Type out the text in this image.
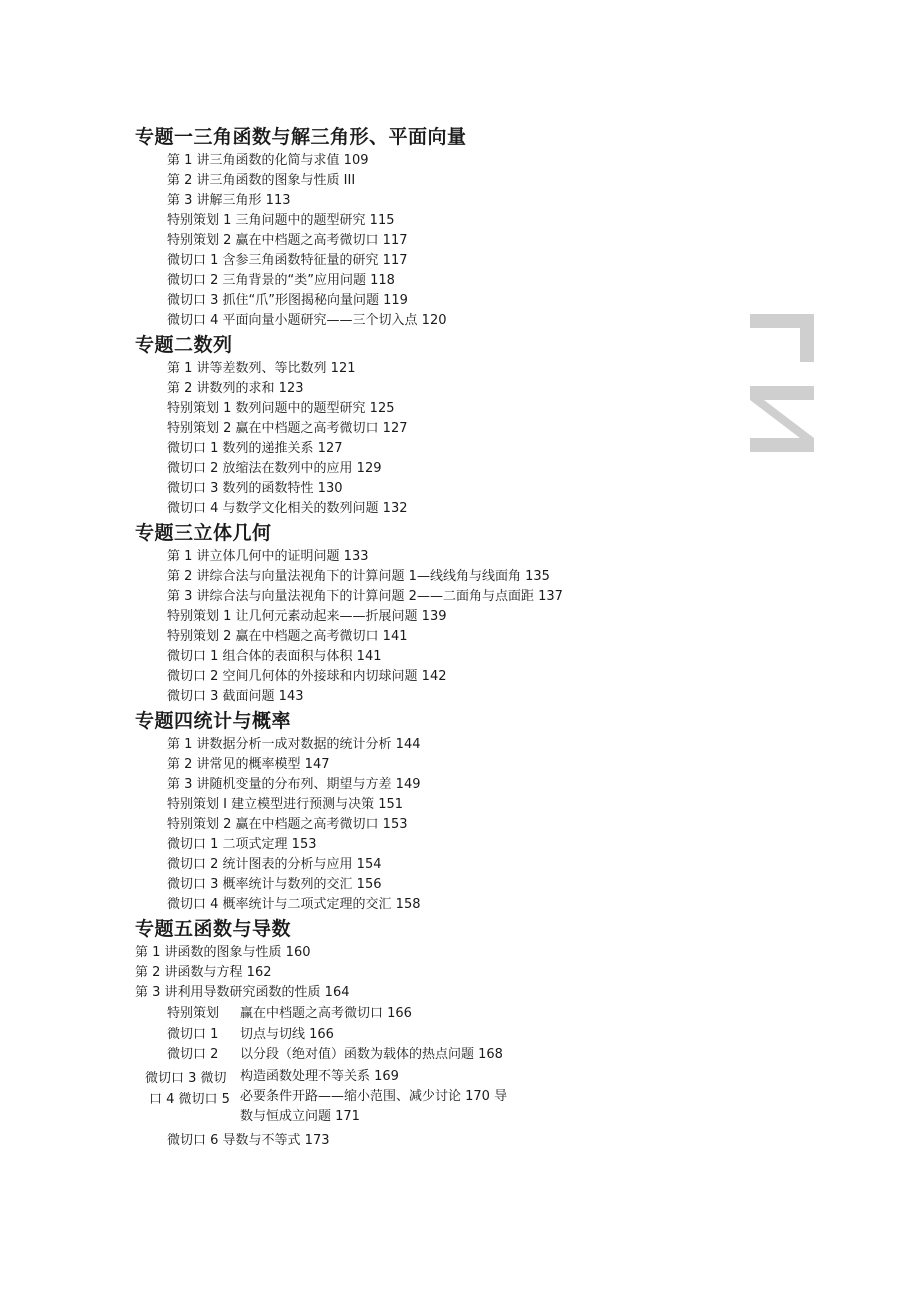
专题一三角函数与解三角形、平面向量
第 1 讲三角函数的化简与求值 109
第 2 讲三角函数的图象与性质 III
第 3 讲解三角形 113
特别策划 1 三角问题中的题型研究 115
特别策划 2 赢在中档题之高考微切口 117
微切口 1 含参三角函数特征量的研究 117
微切口 2 三角背景的“类”应用问题 118
微切口 3 抓住“爪”形图揭秘向量问题 119
微切口 4 平面向量小题研究——三个切入点 120
专题二数列
第 1 讲等差数列、等比数列 121
第 2 讲数列的求和 123
特别策划 1 数列问题中的题型研究 125
特别策划 2 赢在中档题之高考微切口 127
微切口 1 数列的递推关系 127
微切口 2 放缩法在数列中的应用 129
微切口 3 数列的函数特性 130
微切口 4 与数学文化相关的数列问题 132
专题三立体几何
第 1 讲立体几何中的证明问题 133
第 2 讲综合法与向量法视角下的计算问题 1—线线角与线面角 135
第 3 讲综合法与向量法视角下的计算问题 2——二面角与点面距 137
特别策划 1 让几何元素动起来——折展问题 139
特别策划 2 赢在中档题之高考微切口 141
微切口 1 组合体的表面积与体积 141
微切口 2 空间几何体的外接球和内切球问题 142
微切口 3 截面问题 143
专题四统计与概率
第 1 讲数据分析一成对数据的统计分析 144
第 2 讲常见的概率模型 147
第 3 讲随机变量的分布列、期望与方差 149
特别策划 I 建立模型进行预测与决策 151
特别策划 2 赢在中档题之高考微切口 153
微切口 1 二项式定理 153
微切口 2 统计图表的分析与应用 154
微切口 3 概率统计与数列的交汇 156
微切口 4 概率统计与二项式定理的交汇 158
专题五函数与导数
第 1 讲函数的图象与性质 160
第 2 讲函数与方程 162
第 3 讲利用导数研究函数的性质 164
特别策划 赢在中档题之高考微切口 166
微切口 1 切点与切线 166
微切口 2 以分段（绝对值）函数为载体的热点问题 168
微切口 3 微切
口 4 微切口 5
构造函数处理不等关系 169
必要条件开路——缩小范围、减少讨论 170 导
数与恒成立问题 171
微切口 6 导数与不等式 173
